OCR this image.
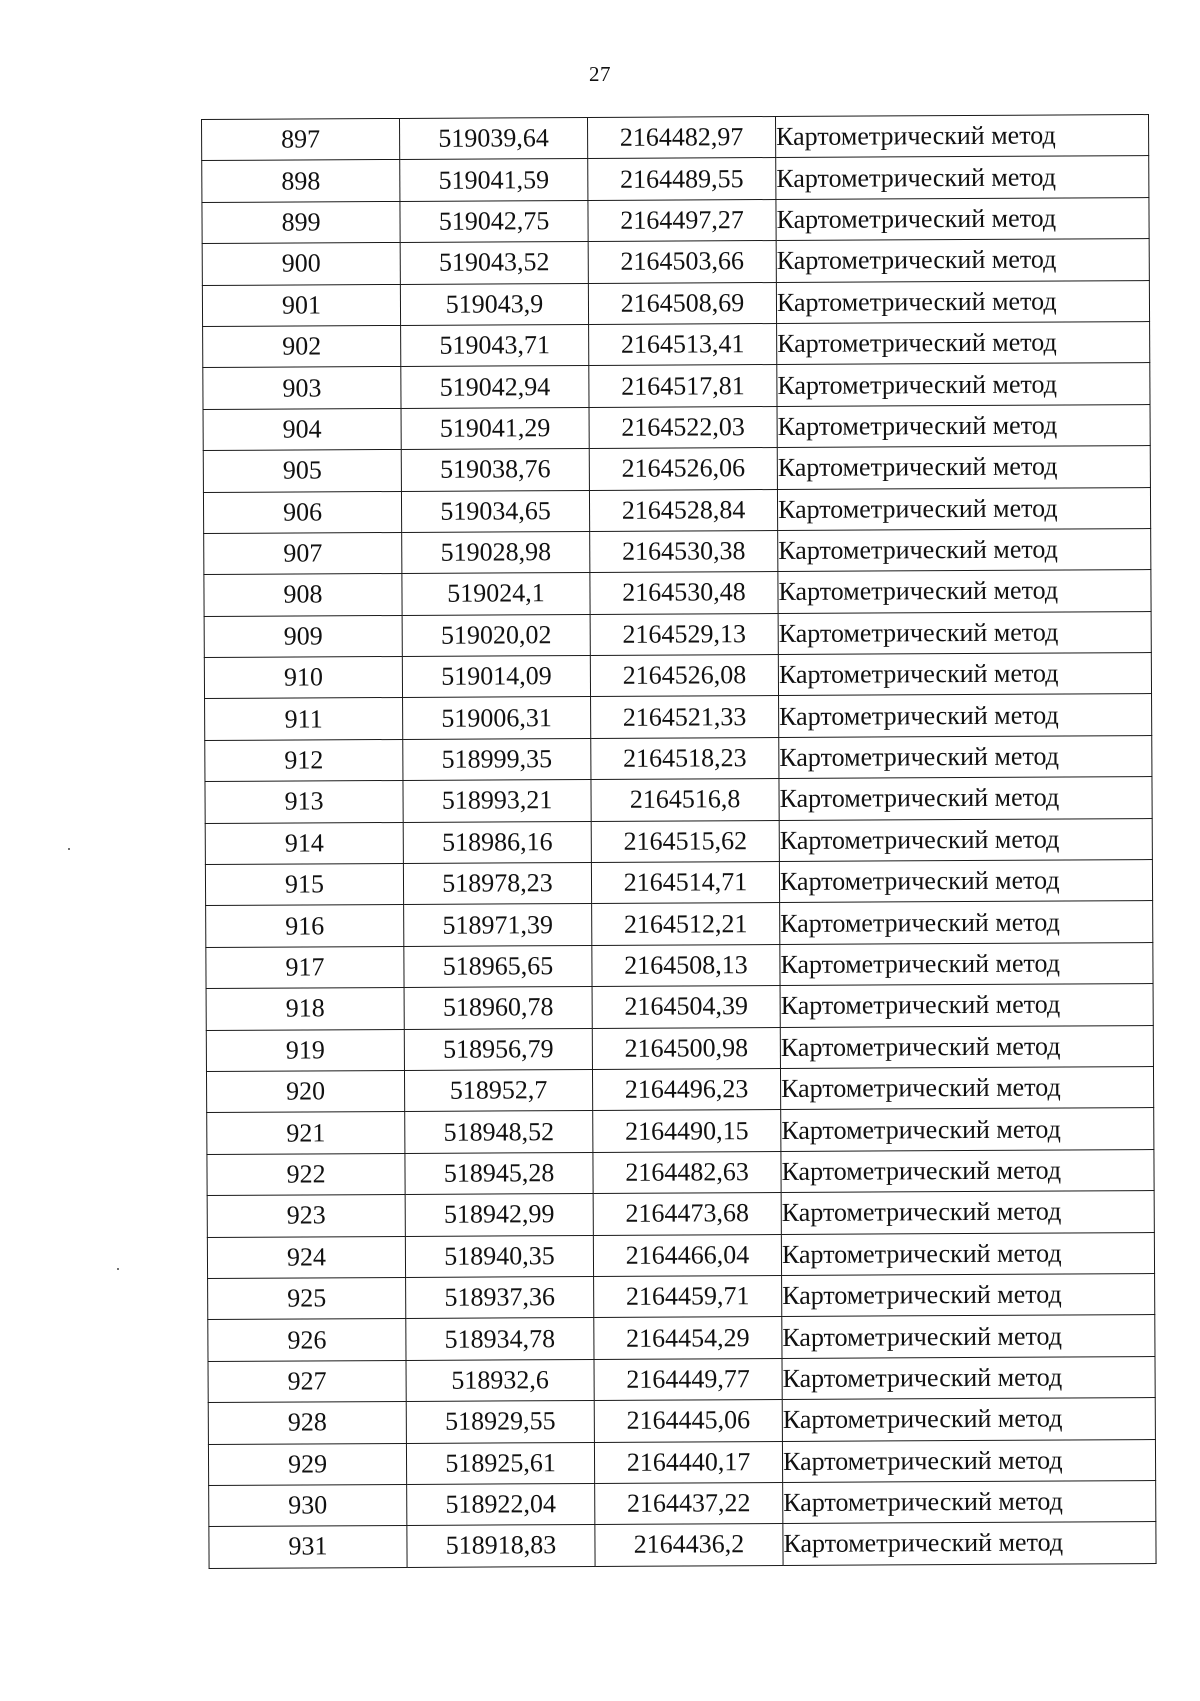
27
897	519039,64	2164482,97	Картометрический метод
898	519041,59	2164489,55	Картометрический метод
899	519042,75	2164497,27	Картометрический метод
900	519043,52	2164503,66	Картометрический метод
901	519043,9	2164508,69	Картометрический метод
902	519043,71	2164513,41	Картометрический метод
903	519042,94	2164517,81	Картометрический метод
904	519041,29	2164522,03	Картометрический метод
905	519038,76	2164526,06	Картометрический метод
906	519034,65	2164528,84	Картометрический метод
907	519028,98	2164530,38	Картометрический метод
908	519024,1	2164530,48	Картометрический метод
909	519020,02	2164529,13	Картометрический метод
910	519014,09	2164526,08	Картометрический метод
911	519006,31	2164521,33	Картометрический метод
912	518999,35	2164518,23	Картометрический метод
913	518993,21	2164516,8	Картометрический метод
914	518986,16	2164515,62	Картометрический метод
915	518978,23	2164514,71	Картометрический метод
916	518971,39	2164512,21	Картометрический метод
917	518965,65	2164508,13	Картометрический метод
918	518960,78	2164504,39	Картометрический метод
919	518956,79	2164500,98	Картометрический метод
920	518952,7	2164496,23	Картометрический метод
921	518948,52	2164490,15	Картометрический метод
922	518945,28	2164482,63	Картометрический метод
923	518942,99	2164473,68	Картометрический метод
924	518940,35	2164466,04	Картометрический метод
925	518937,36	2164459,71	Картометрический метод
926	518934,78	2164454,29	Картометрический метод
927	518932,6	2164449,77	Картометрический метод
928	518929,55	2164445,06	Картометрический метод
929	518925,61	2164440,17	Картометрический метод
930	518922,04	2164437,22	Картометрический метод
931	518918,83	2164436,2	Картометрический метод
